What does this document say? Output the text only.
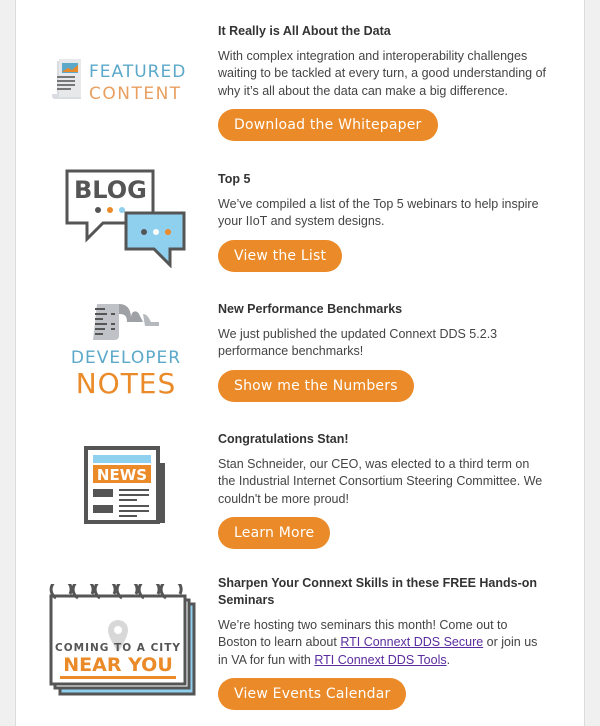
FEATURED
CONTENT
It Really is All About the Data
With complex integration and interoperability challenges waiting to be tackled at every turn, a good understanding of why it’s all about the data can make a big difference.
Download the Whitepaper
BLOG	Top 5
We’ve compiled a list of the Top 5 webinars to help inspire your IIoT and system designs.
View the List
DEVELOPER
NOTES
New Performance Benchmarks
We just published the updated Connext DDS 5.2.3 performance benchmarks!
Show me the Numbers
NEWS
Congratulations Stan!
Stan Schneider, our CEO, was elected to a third term on the Industrial Internet Consortium Steering Committee. We couldn't be more proud!
Learn More
COMING TO A CITY
NEAR YOU
Sharpen Your Connext Skills in these FREE Hands-on Seminars
We’re hosting two seminars this month! Come out to Boston to learn about RTI Connext DDS Secure or join us in VA for fun with RTI Connext DDS Tools.
View Events Calendar
